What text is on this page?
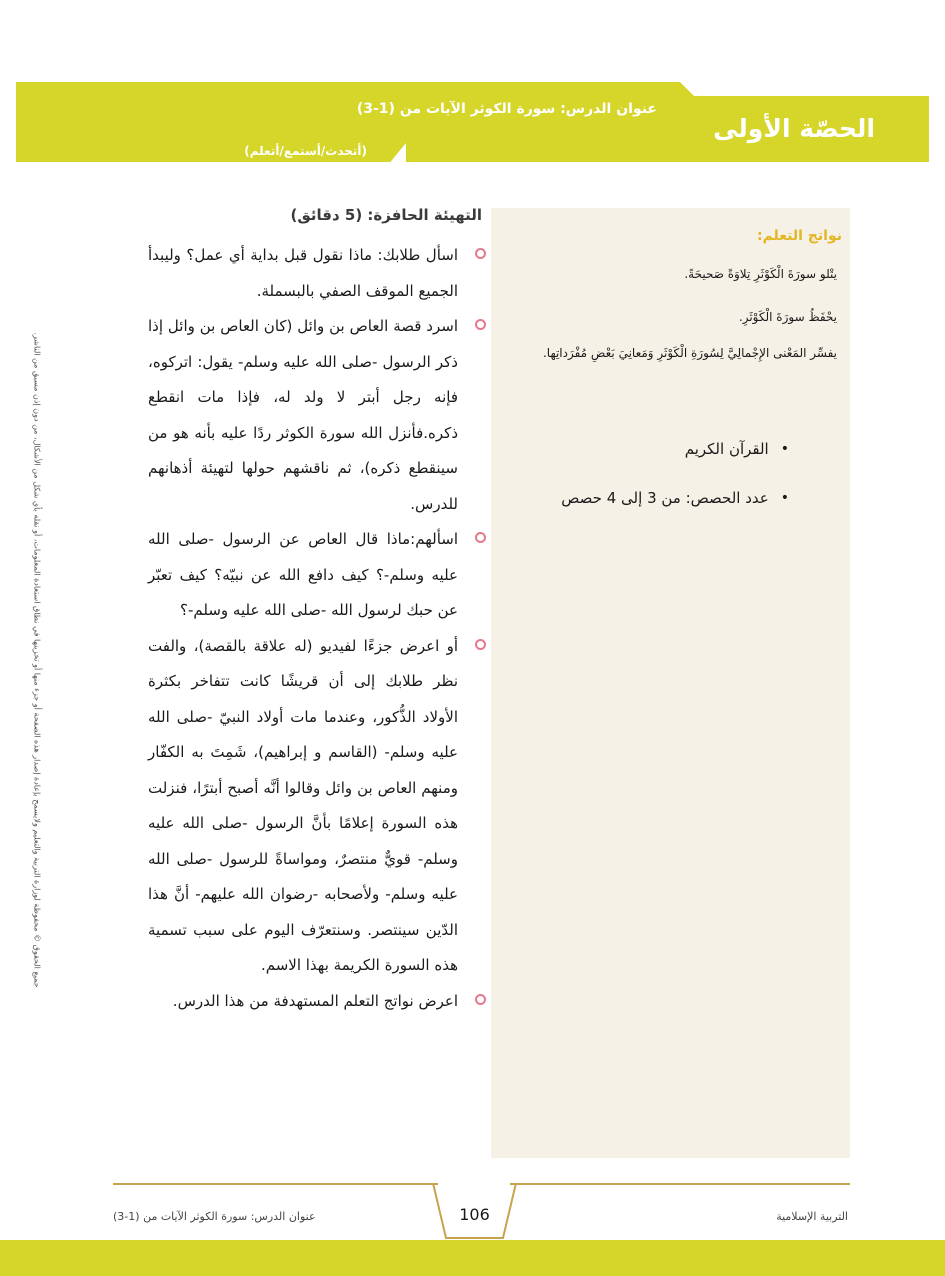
الحصّة الأولى
عنوان الدرس: سورة الكوثر الآيات من (1-3)
(أتحدث/أستمع/أتعلم)
نواتج التعلم:
يتْلو سورَةَ الْكَوْثَرِ تِلاوَةً صَحيحَةً.
يحْفَظُ سورَةَ الْكَوْثَرِ.
يفسِّر المَعْنى الإِجْمالِيَّ لِسُورَةِ الْكَوْثَرِ وَمَعانِيَ بَعْضِ مُفْرَداتِها.
•
القرآن الكريم
•
عدد الحصص: من 3 إلى 4 حصص
التهيئة الحافزة: (5 دقائق)

اسأل طلابك: ماذا نقول قبل بداية أي عمل؟ وليبدأ الجميع الموقف الصفي بالبسملة.

اسرد قصة العاص بن وائل (كان العاص بن وائل إذا ذكر الرسول -صلى الله عليه وسلم- يقول: اتركوه، فإنه رجل أبتر لا ولد له، فإذا مات انقطع ذكره.فأنزل الله سورة الكوثر ردًا عليه بأنه هو من سينقطع ذكره)، ثم ناقشهم حولها لتهيئة أذهانهم للدرس.

اسألهم:ماذا قال العاص عن الرسول -صلى الله عليه وسلم-؟ كيف دافع الله عن نبيّه؟ كيف تعبّر عن حبك لرسول الله -صلى الله عليه وسلم-؟

أو اعرض جزءًا لفيديو (له علاقة بالقصة)، والفت نظر طلابك إلى أن قريشًا كانت تتفاخر بكثرة الأولاد الذُّكور، وعندما مات أولاد النبيّ -صلى الله عليه وسلم- (القاسم و إبراهيم)، شَمِتَ به الكفّار ومنهم العاص بن وائل وقالوا أنَّه أصبح أبترًا، فنزلت هذه السورة إعلامًا بأنَّ الرسول -صلى الله عليه وسلم- قويٌّ منتصرٌ، ومواساةً للرسول -صلى الله عليه وسلم- ولأصحابه -رضوان الله عليهم- أنَّ هذا الدّين سينتصر. وسنتعرّف اليوم على سبب تسمية هذه السورة الكريمة بهذا الاسم.

اعرض نواتج التعلم المستهدفة من هذا الدرس.

جميع الحقوق © محفوظة لوزارة التربية والتعليم ولايسمح بإعادة إصدار هذه الصفحة أو جزء منها أو تخزينها في نطاق استعادة المعلومات، أو نقله بأي شكل من الأشكال، من دون إذن مسبق من الناشر.
106
عنوان الدرس: سورة الكوثر الآيات من (1-3)	التربية الإسلامية
